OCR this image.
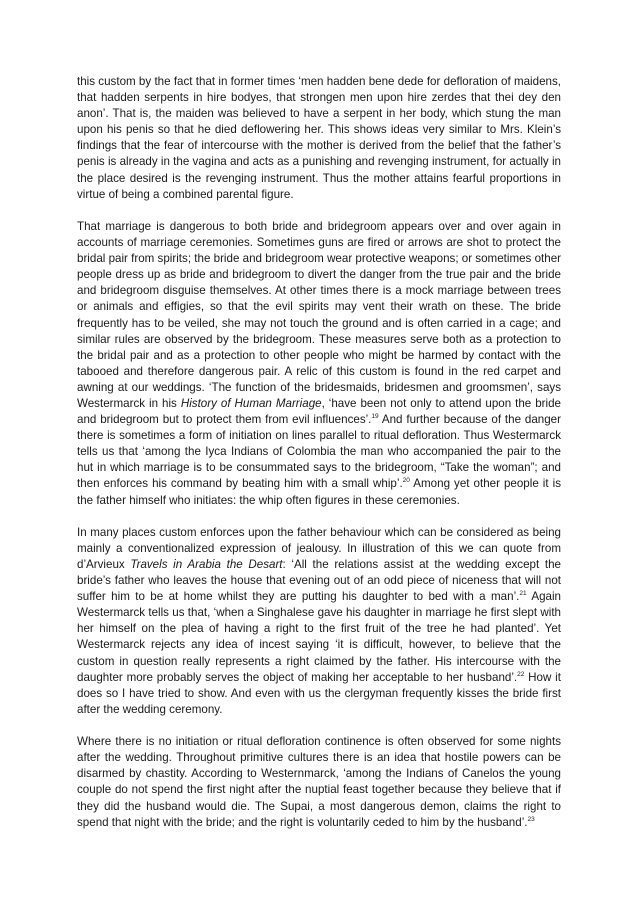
this custom by the fact that in former times ‘men hadden bene dede for defloration of maidens, that hadden serpents in hire bodyes, that strongen men upon hire zerdes that thei dey den anon’. That is, the maiden was believed to have a serpent in her body, which stung the man upon his penis so that he died deflowering her. This shows ideas very similar to Mrs. Klein’s findings that the fear of intercourse with the mother is derived from the belief that the father’s penis is already in the vagina and acts as a punishing and revenging instrument, for actually in the place desired is the revenging instrument. Thus the mother attains fearful proportions in virtue of being a combined parental figure.

That marriage is dangerous to both bride and bridegroom appears over and over again in accounts of marriage ceremonies. Sometimes guns are fired or arrows are shot to protect the bridal pair from spirits; the bride and bridegroom wear protective weapons; or sometimes other people dress up as bride and bridegroom to divert the danger from the true pair and the bride and bridegroom disguise themselves. At other times there is a mock marriage between trees or animals and effigies, so that the evil spirits may vent their wrath on these. The bride frequently has to be veiled, she may not touch the ground and is often carried in a cage; and similar rules are observed by the bridegroom. These measures serve both as a protection to the bridal pair and as a protection to other people who might be harmed by contact with the tabooed and therefore dangerous pair. A relic of this custom is found in the red carpet and awning at our weddings. ‘The function of the bridesmaids, bridesmen and groomsmen’, says Westermarck in his History of Human Marriage, ‘have been not only to attend upon the bride and bridegroom but to protect them from evil influences’.$^{19}$ And further because of the danger there is sometimes a form of initiation on lines parallel to ritual defloration. Thus Westermarck tells us that ‘among the Iyca Indians of Colombia the man who accompanied the pair to the hut in which marriage is to be consummated says to the bridegroom, “Take the woman”; and then enforces his command by beating him with a small whip’.$^{20}$ Among yet other people it is the father himself who initiates: the whip often figures in these ceremonies.

In many places custom enforces upon the father behaviour which can be considered as being mainly a conventionalized expression of jealousy. In illustration of this we can quote from d’Arvieux Travels in Arabia the Desart: ‘All the relations assist at the wedding except the bride’s father who leaves the house that evening out of an odd piece of niceness that will not suffer him to be at home whilst they are putting his daughter to bed with a man’.$^{21}$ Again Westermarck tells us that, ‘when a Singhalese gave his daughter in marriage he first slept with her himself on the plea of having a right to the first fruit of the tree he had planted’. Yet Westermarck rejects any idea of incest saying ‘it is difficult, however, to believe that the custom in question really represents a right claimed by the father. His intercourse with the daughter more probably serves the object of making her acceptable to her husband’.$^{22}$ How it does so I have tried to show. And even with us the clergyman frequently kisses the bride first after the wedding ceremony.

Where there is no initiation or ritual defloration continence is often observed for some nights after the wedding. Throughout primitive cultures there is an idea that hostile powers can be disarmed by chastity. According to Westernmarck, ‘among the Indians of Canelos the young couple do not spend the first night after the nuptial feast together because they believe that if they did the husband would die. The Supai, a most dangerous demon, claims the right to spend that night with the bride; and the right is voluntarily ceded to him by the husband’.$^{23}$
